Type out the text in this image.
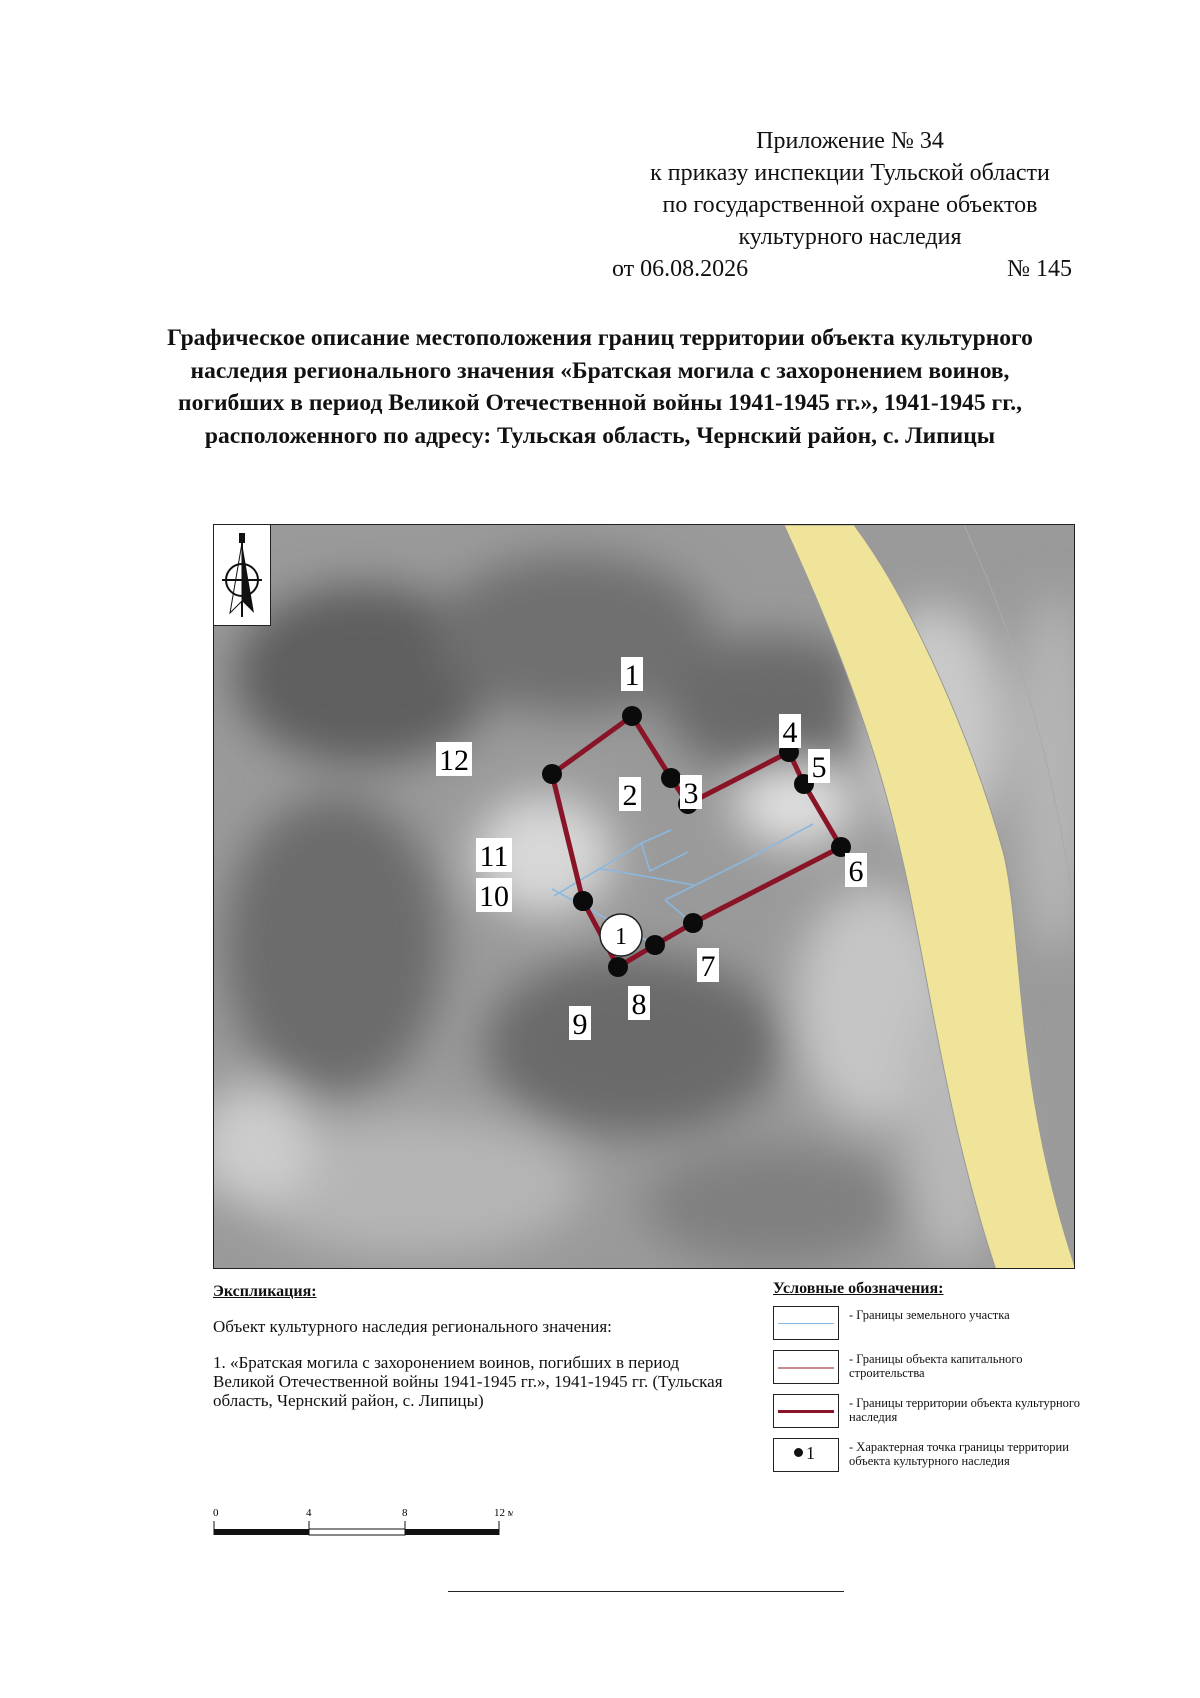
Приложение № 34
к приказу инспекции Тульской области
по государственной охране объектов
культурного наследия
от 06.08.2026	№ 145
Графическое описание местоположения границ территории объекта культурного наследия регионального значения «Братская могила с захоронением воинов, погибших в период Великой Отечественной войны 1941-1945 гг.», 1941-1945 гг., расположенного по адресу: Тульская область, Чернский район, с. Липицы
1
1
2 3
4
5
6
7
8
9
10
11
12
Экспликация:
Объект культурного наследия регионального значения:
1. «Братская могила с захоронением воинов, погибших в период Великой Отечественной войны 1941-1945 гг.», 1941-1945 гг. (Тульская область, Чернский район, с. Липицы)
Условные обозначения:
- Границы земельного участка
- Границы объекта капитального строительства
- Границы территории объекта культурного наследия
1	- Характерная точка границы территории объекта культурного наследия
0	4	8	12 м
